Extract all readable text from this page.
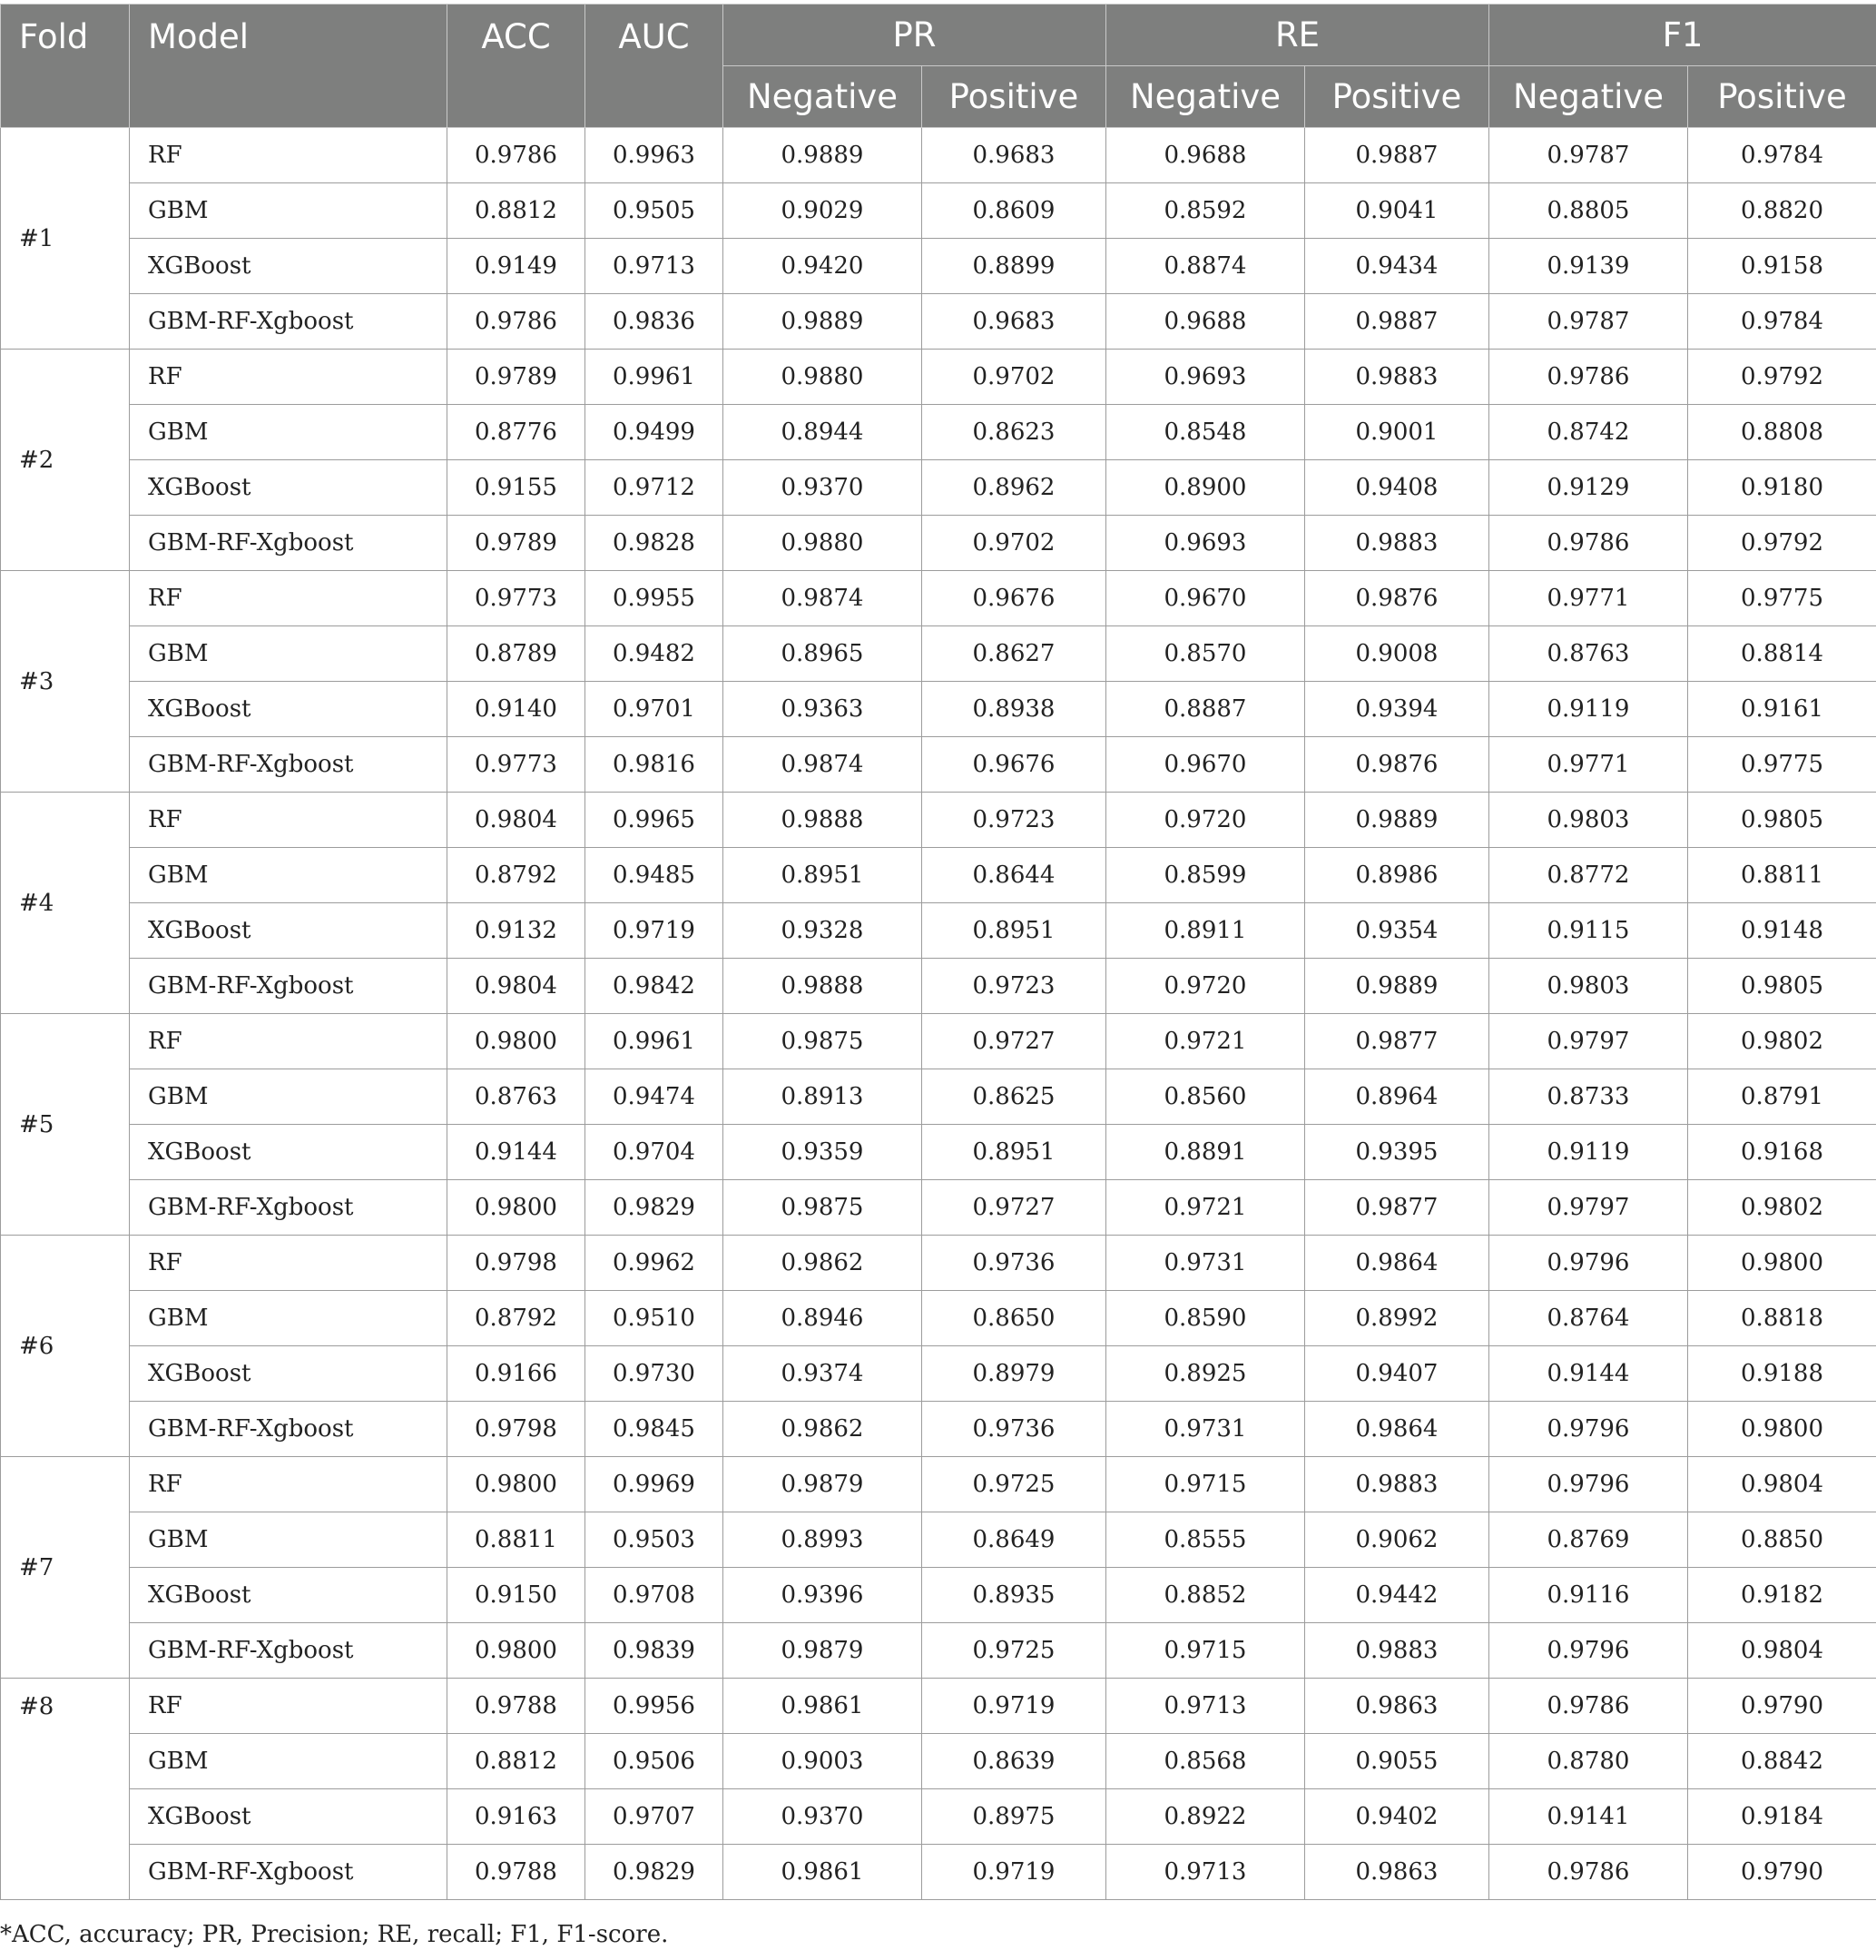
Fold	Model	ACC	AUC	PR		RE		F1	
				Negative	Positive	Negative	Positive	Negative	Positive
#1	RF	0.9786	0.9963	0.9889	0.9683	0.9688	0.9887	0.9787	0.9784
	GBM	0.8812	0.9505	0.9029	0.8609	0.8592	0.9041	0.8805	0.8820
	XGBoost	0.9149	0.9713	0.9420	0.8899	0.8874	0.9434	0.9139	0.9158
	GBM-RF-Xgboost	0.9786	0.9836	0.9889	0.9683	0.9688	0.9887	0.9787	0.9784
#2	RF	0.9789	0.9961	0.9880	0.9702	0.9693	0.9883	0.9786	0.9792
	GBM	0.8776	0.9499	0.8944	0.8623	0.8548	0.9001	0.8742	0.8808
	XGBoost	0.9155	0.9712	0.9370	0.8962	0.8900	0.9408	0.9129	0.9180
	GBM-RF-Xgboost	0.9789	0.9828	0.9880	0.9702	0.9693	0.9883	0.9786	0.9792
#3	RF	0.9773	0.9955	0.9874	0.9676	0.9670	0.9876	0.9771	0.9775
	GBM	0.8789	0.9482	0.8965	0.8627	0.8570	0.9008	0.8763	0.8814
	XGBoost	0.9140	0.9701	0.9363	0.8938	0.8887	0.9394	0.9119	0.9161
	GBM-RF-Xgboost	0.9773	0.9816	0.9874	0.9676	0.9670	0.9876	0.9771	0.9775
#4	RF	0.9804	0.9965	0.9888	0.9723	0.9720	0.9889	0.9803	0.9805
	GBM	0.8792	0.9485	0.8951	0.8644	0.8599	0.8986	0.8772	0.8811
	XGBoost	0.9132	0.9719	0.9328	0.8951	0.8911	0.9354	0.9115	0.9148
	GBM-RF-Xgboost	0.9804	0.9842	0.9888	0.9723	0.9720	0.9889	0.9803	0.9805
#5	RF	0.9800	0.9961	0.9875	0.9727	0.9721	0.9877	0.9797	0.9802
	GBM	0.8763	0.9474	0.8913	0.8625	0.8560	0.8964	0.8733	0.8791
	XGBoost	0.9144	0.9704	0.9359	0.8951	0.8891	0.9395	0.9119	0.9168
	GBM-RF-Xgboost	0.9800	0.9829	0.9875	0.9727	0.9721	0.9877	0.9797	0.9802
#6	RF	0.9798	0.9962	0.9862	0.9736	0.9731	0.9864	0.9796	0.9800
	GBM	0.8792	0.9510	0.8946	0.8650	0.8590	0.8992	0.8764	0.8818
	XGBoost	0.9166	0.9730	0.9374	0.8979	0.8925	0.9407	0.9144	0.9188
	GBM-RF-Xgboost	0.9798	0.9845	0.9862	0.9736	0.9731	0.9864	0.9796	0.9800
#7	RF	0.9800	0.9969	0.9879	0.9725	0.9715	0.9883	0.9796	0.9804
	GBM	0.8811	0.9503	0.8993	0.8649	0.8555	0.9062	0.8769	0.8850
	XGBoost	0.9150	0.9708	0.9396	0.8935	0.8852	0.9442	0.9116	0.9182
	GBM-RF-Xgboost	0.9800	0.9839	0.9879	0.9725	0.9715	0.9883	0.9796	0.9804
#8	RF	0.9788	0.9956	0.9861	0.9719	0.9713	0.9863	0.9786	0.9790
	GBM	0.8812	0.9506	0.9003	0.8639	0.8568	0.9055	0.8780	0.8842
	XGBoost	0.9163	0.9707	0.9370	0.8975	0.8922	0.9402	0.9141	0.9184
	GBM-RF-Xgboost	0.9788	0.9829	0.9861	0.9719	0.9713	0.9863	0.9786	0.9790
*ACC, accuracy; PR, Precision; RE, recall; F1, F1-score.
